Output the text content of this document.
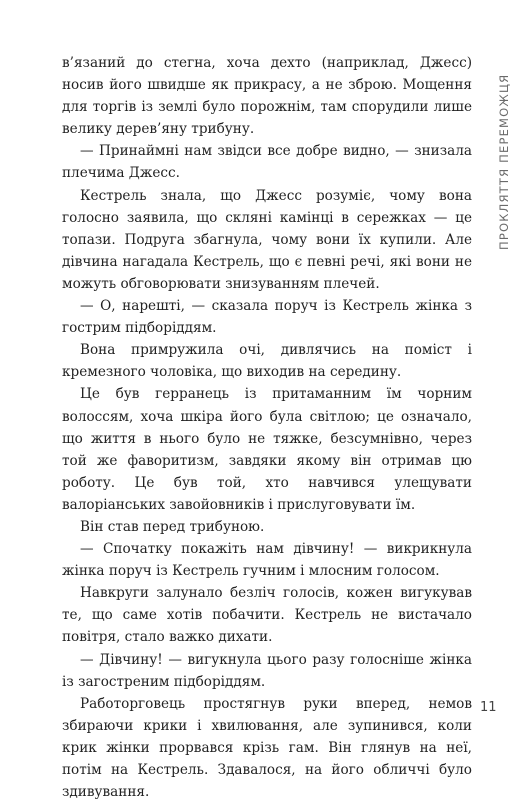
ПРОКЛЯТТЯ ПЕРЕМОЖЦЯ

в’язаний до стегна, хоча дехто (наприклад, Джесс) носив його швидше як прикрасу, а не зброю. Мощення для торгів із землі було порожнім, там спорудили лише велику дерев’яну трибуну.

— Принаймні нам звідси все добре видно, — знизала плечима Джесс.

Кестрель знала, що Джесс розуміє, чому вона голосно заявила, що скляні камінці в сережках — це топази. Подруга збагнула, чому вони їх купили. Але дівчина нагадала Кестрель, що є певні речі, які вони не можуть обговорювати знизуванням плечей.

— О, нарешті, — сказала поруч із Кестрель жінка з гострим підборіддям.

Вона примружила очі, дивлячись на поміст і кремезного чоловіка, що виходив на середину.

Це був герранець із притаманним їм чорним волоссям, хоча шкіра його була світлою; це означало, що життя в нього було не тяжке, безсумнівно, через той же фаворитизм, завдяки якому він отримав цю роботу. Це був той, хто навчився улещувати валоріанських завойовників і прислуговувати їм.

Він став перед трибуною.

— Спочатку покажіть нам дівчину! — викрикнула жінка поруч із Кестрель гучним і млосним голосом.

Навкруги залунало безліч голосів, кожен вигукував те, що саме хотів побачити. Кестрель не вистачало повітря, стало важко дихати.

— Дівчину! — вигукнула цього разу голосніше жінка із загостреним підборіддям.

Работорговець простягнув руки вперед, немов збираючи крики і хвилювання, але зупинився, коли крик жінки прорвався крізь гам. Він глянув на неї, потім на Кестрель. Здавалося, на його обличчі було здивування.

11
